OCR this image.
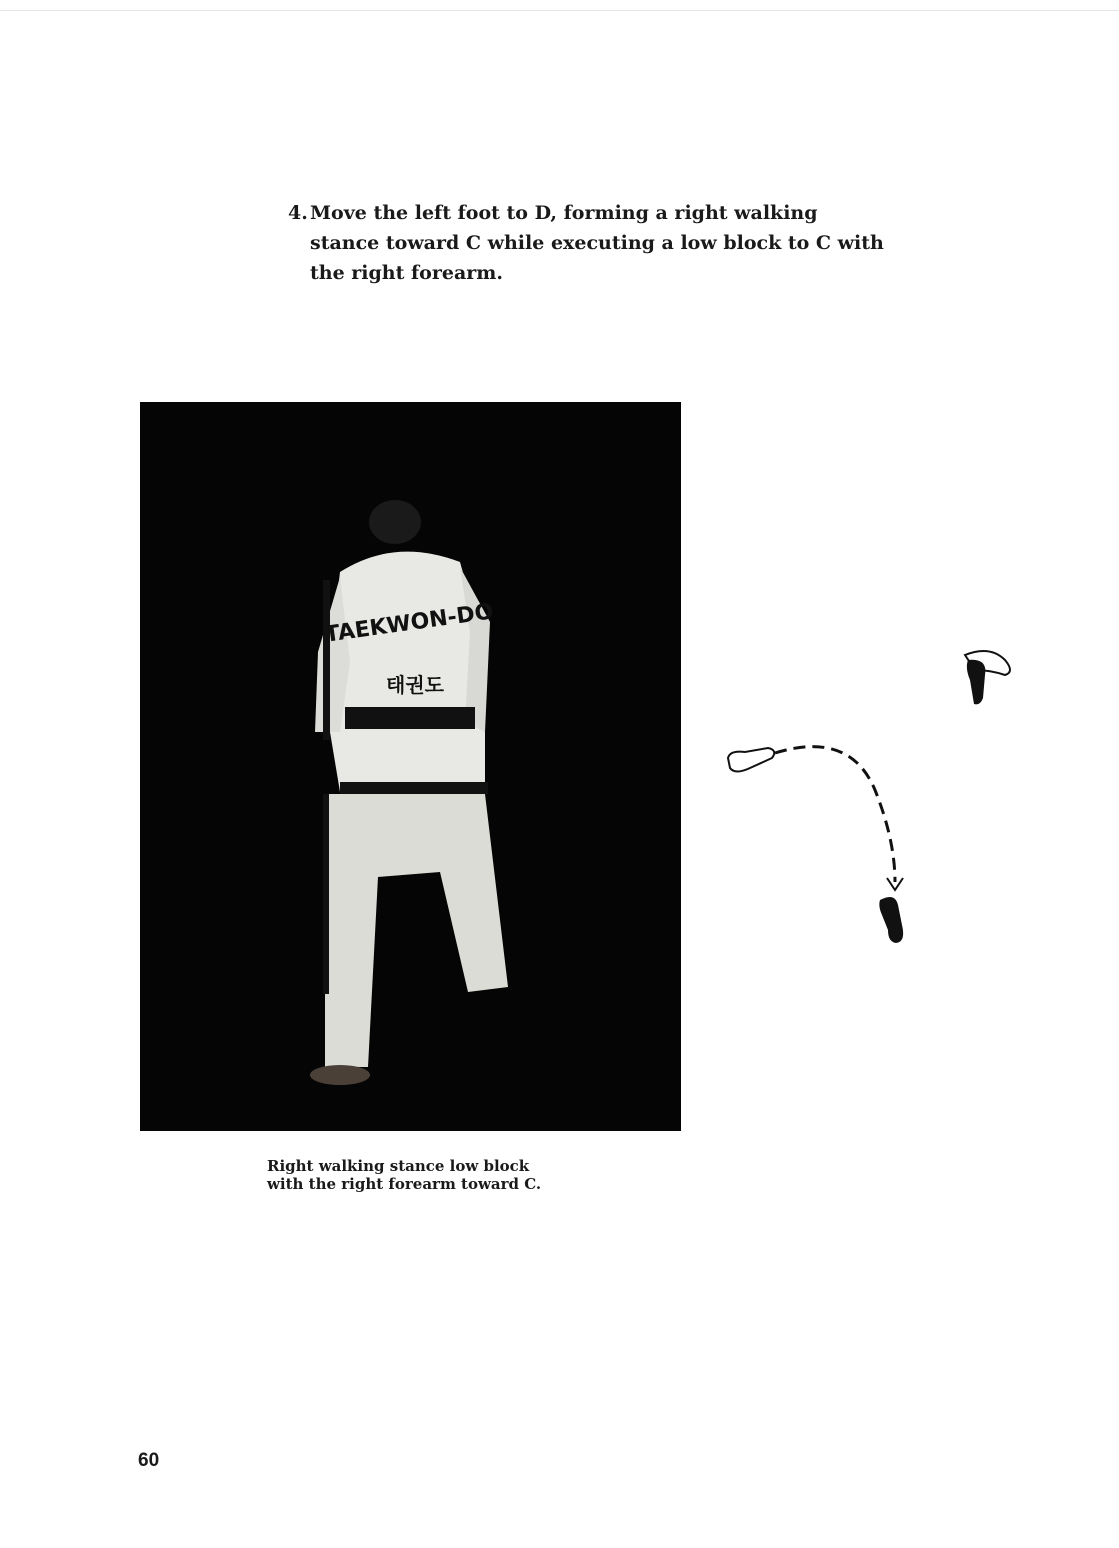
4. Move the left foot to D, forming a right walking stance toward C while executing a low block to C with the right forearm.
TAEKWON-DO
태권도
Right walking stance low block
with the right forearm toward C.
60
